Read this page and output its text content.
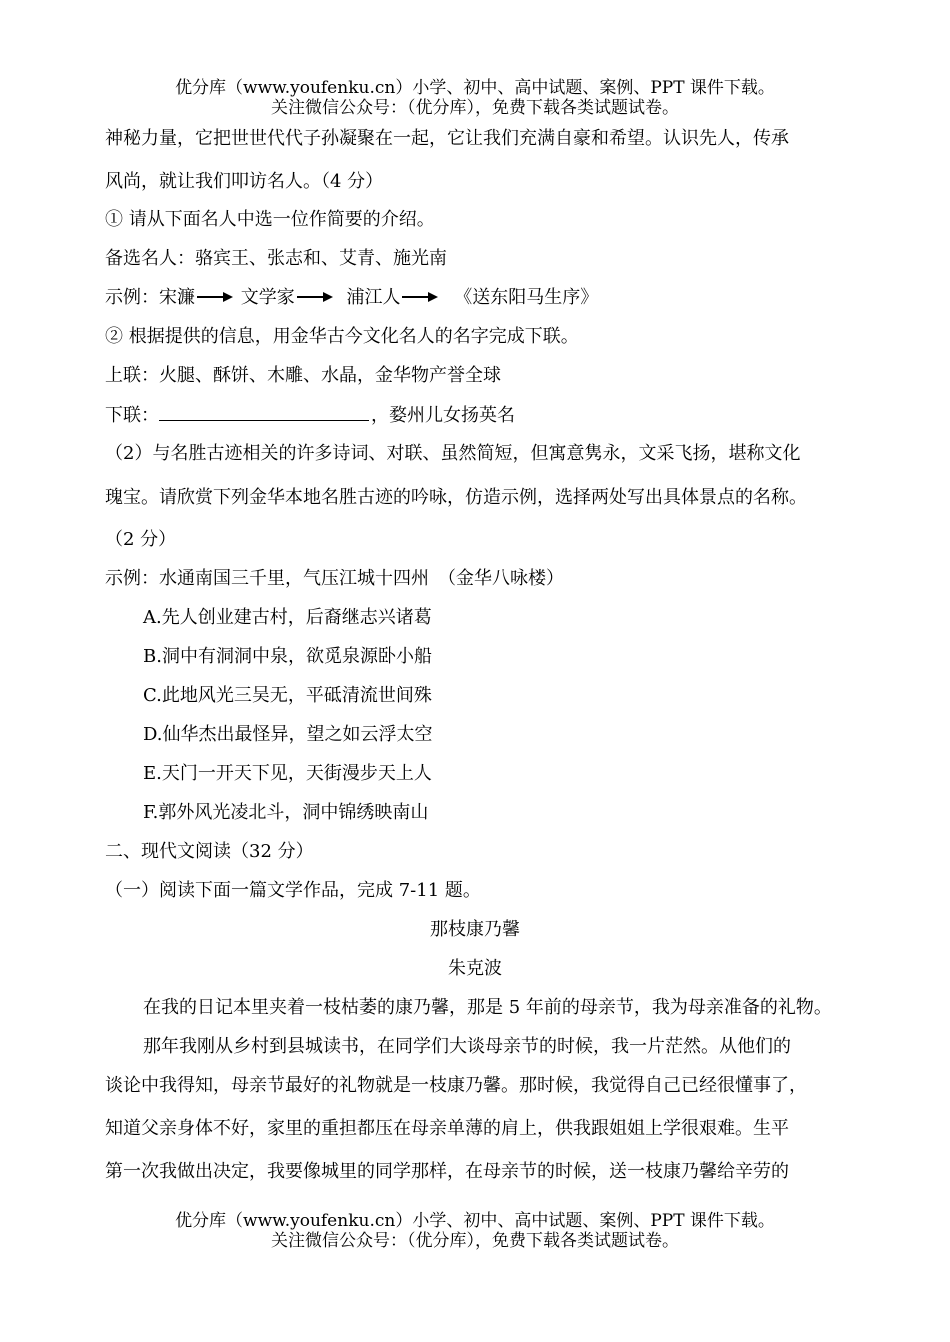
优分库（www.youfenku.cn）小学、初中、高中试题、案例、PPT 课件下载。
关注微信公众号：（优分库），免费下载各类试题试卷。
神秘力量，它把世世代代子孙凝聚在一起，它让我们充满自豪和希望。认识先人，传承
风尚，就让我们叩访名人。（4 分）
① 请从下面名人中选一位作简要的介绍。
备选名人：骆宾王、张志和、艾青、施光南
示例：宋濂	文学家	浦江人	《送东阳马生序》
② 根据提供的信息，用金华古今文化名人的名字完成下联。
上联：火腿、酥饼、木雕、水晶，金华物产誉全球
下联：	，婺州儿女扬英名
（2）与名胜古迹相关的许多诗词、对联、虽然简短，但寓意隽永，文采飞扬，堪称文化
瑰宝。请欣赏下列金华本地名胜古迹的吟咏，仿造示例，选择两处写出具体景点的名称。
（2 分）
示例：水通南国三千里，气压江城十四州　（金华八咏楼）
A.先人创业建古村，后裔继志兴诸葛
B.洞中有洞洞中泉，欲觅泉源卧小船
C.此地风光三吴无，平砥清流世间殊
D.仙华杰出最怪异，望之如云浮太空
E.天门一开天下见，天街漫步天上人
F.郭外风光凌北斗，洞中锦绣映南山
二、现代文阅读（32 分）
（一）阅读下面一篇文学作品，完成 7-11 题。
那枝康乃馨
朱克波
在我的日记本里夹着一枝枯萎的康乃馨，那是 5 年前的母亲节，我为母亲准备的礼物。
那年我刚从乡村到县城读书，在同学们大谈母亲节的时候，我一片茫然。从他们的
谈论中我得知，母亲节最好的礼物就是一枝康乃馨。那时候，我觉得自己已经很懂事了，
知道父亲身体不好，家里的重担都压在母亲单薄的肩上，供我跟姐姐上学很艰难。生平
第一次我做出决定，我要像城里的同学那样，在母亲节的时候，送一枝康乃馨给辛劳的
优分库（www.youfenku.cn）小学、初中、高中试题、案例、PPT 课件下载。
关注微信公众号：（优分库），免费下载各类试题试卷。
